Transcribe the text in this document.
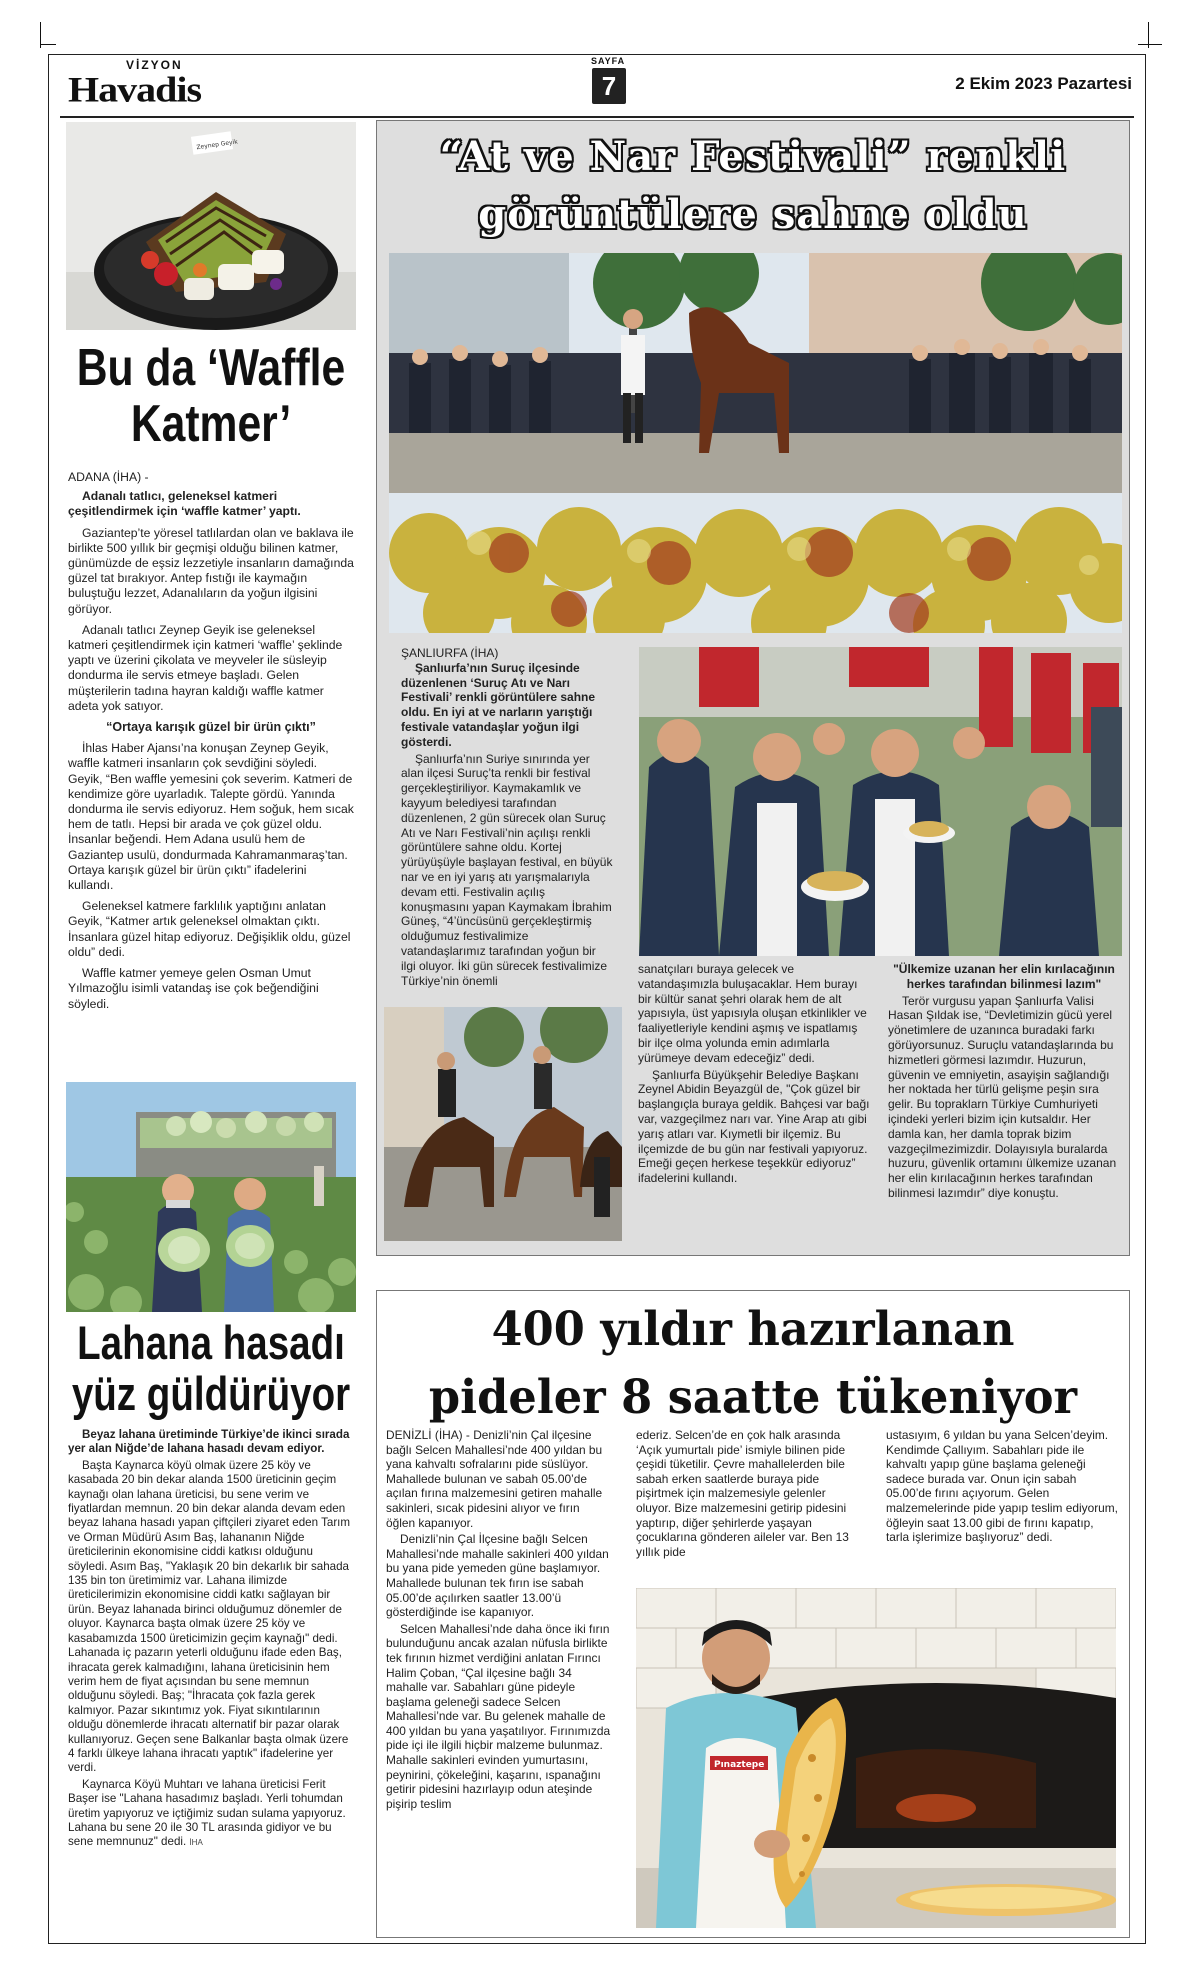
VİZYON
Havadis
SAYFA
7	2 Ekim 2023 Pazartesi
Zeynep Geyik
Bu da ‘Waffle
Katmer’

ADANA (İHA) -

Adanalı tatlıcı, geleneksel katmeri çeşitlendirmek için ‘waffle katmer’ yaptı.

Gaziantep’te yöresel tatlılardan olan ve baklava ile birlikte 500 yıllık bir geçmişi olduğu bilinen katmer, günümüzde de eşsiz lezzetiyle insanların damağında güzel tat bırakıyor. Antep fıstığı ile kaymağın buluştuğu lezzet, Adanalıların da yoğun ilgisini görüyor.

Adanalı tatlıcı Zeynep Geyik ise geleneksel katmeri çeşitlendirmek için katmeri ‘waffle’ şeklinde yaptı ve üzerini çikolata ve meyveler ile süsleyip dondurma ile servis etmeye başladı. Gelen müşterilerin tadına hayran kaldığı waffle katmer adeta yok satıyor.

“Ortaya karışık güzel bir ürün çıktı”

İhlas Haber Ajansı’na konuşan Zeynep Geyik, waffle katmeri insanların çok sevdiğini söyledi. Geyik, “Ben waffle yemesini çok severim. Katmeri de kendimize göre uyarladık. Talepte gördü. Yanında dondurma ile servis ediyoruz. Hem soğuk, hem sıcak hem de tatlı. Hepsi bir arada ve çok güzel oldu. İnsanlar beğendi. Hem Adana usulü hem de Gaziantep usulü, dondurmada Kahramanmaraş’tan. Ortaya karışık güzel bir ürün çıktı” ifadelerini kullandı.

Geleneksel katmere farklılık yaptığını anlatan Geyik, “Katmer artık geleneksel olmaktan çıktı. İnsanlara güzel hitap ediyoruz. Değişiklik oldu, güzel oldu” dedi.

Waffle katmer yemeye gelen Osman Umut Yılmazoğlu isimli vatandaş ise çok beğendiğini söyledi.

Lahana hasadı
yüz güldürüyor

Beyaz lahana üretiminde Türkiye’de ikinci sırada yer alan Niğde’de lahana hasadı devam ediyor.

Başta Kaynarca köyü olmak üzere 25 köy ve kasabada 20 bin dekar alanda 1500 üreticinin geçim kaynağı olan lahana üreticisi, bu sene verim ve fiyatlardan memnun. 20 bin dekar alanda devam eden beyaz lahana hasadı yapan çiftçileri ziyaret eden Tarım ve Orman Müdürü Asım Baş, lahananın Niğde üreticilerinin ekonomisine ciddi katkısı olduğunu söyledi. Asım Baş, "Yaklaşık 20 bin dekarlık bir sahada 135 bin ton üretimimiz var. Lahana ilimizde üreticilerimizin ekonomisine ciddi katkı sağlayan bir ürün. Beyaz lahanada birinci olduğumuz dönemler de oluyor. Kaynarca başta olmak üzere 25 köy ve kasabamızda 1500 üreticimizin geçim kaynağı" dedi. Lahanada iç pazarın yeterli olduğunu ifade eden Baş, ihracata gerek kalmadığını, lahana üreticisinin hem verim hem de fiyat açısından bu sene memnun olduğunu söyledi. Baş; "İhracata çok fazla gerek kalmıyor. Pazar sıkıntımız yok. Fiyat sıkıntılarının olduğu dönemlerde ihracatı alternatif bir pazar olarak kullanıyoruz. Geçen sene Balkanlar başta olmak üzere 4 farklı ülkeye lahana ihracatı yaptık" ifadelerine yer verdi.

Kaynarca Köyü Muhtarı ve lahana üreticisi Ferit Başer ise "Lahana hasadımız başladı. Yerli tohumdan üretim yapıyoruz ve içtiğimiz sudan sulama yapıyoruz. Lahana bu sene 20 ile 30 TL arasında gidiyor ve bu sene memnunuz" dedi. İHA

“At ve Nar Festivali” renkli
görüntülere sahne oldu

ŞANLIURFA (İHA)

Şanlıurfa’nın Suruç ilçesinde düzenlenen ‘Suruç Atı ve Narı Festivali’ renkli görüntülere sahne oldu. En iyi at ve narların yarıştığı festivale vatandaşlar yoğun ilgi gösterdi.

Şanlıurfa’nın Suriye sınırında yer alan ilçesi Suruç’ta renkli bir festival gerçekleştiriliyor. Kaymakamlık ve kayyum belediyesi tarafından düzenlenen, 2 gün sürecek olan Suruç Atı ve Narı Festivali’nin açılışı renkli görüntülere sahne oldu. Kortej yürüyüşüyle başlayan festival, en büyük nar ve en iyi yarış atı yarışmalarıyla devam etti. Festivalin açılış konuşmasını yapan Kaymakam İbrahim Güneş, “4’üncüsünü gerçekleştirmiş olduğumuz festivalimize vatandaşlarımız tarafından yoğun bir ilgi oluyor. İki gün sürecek festivalimize Türkiye’nin önemli

sanatçıları buraya gelecek ve vatandaşımızla buluşacaklar. Hem burayı bir kültür sanat şehri olarak hem de alt yapısıyla, üst yapısıyla oluşan etkinlikler ve faaliyetleriyle kendini aşmış ve ispatlamış bir ilçe olma yolunda emin adımlarla yürümeye devam edeceğiz” dedi.

Şanlıurfa Büyükşehir Belediye Başkanı Zeynel Abidin Beyazgül de, "Çok güzel bir başlangıçla buraya geldik. Bahçesi var bağı var, vazgeçilmez narı var. Yine Arap atı gibi yarış atları var. Kıymetli bir ilçemiz. Bu ilçemizde de bu gün nar festivali yapıyoruz. Emeği geçen herkese teşekkür ediyoruz” ifadelerini kullandı.

"Ülkemize uzanan her elin kırılacağının herkes tarafından bilinmesi lazım"

Terör vurgusu yapan Şanlıurfa Valisi Hasan Şıldak ise, “Devletimizin gücü yerel yönetimlere de uzanınca buradaki farkı görüyorsunuz. Suruçlu vatandaşlarında bu hizmetleri görmesi lazımdır. Huzurun, güvenin ve emniyetin, asayişin sağlandığı her noktada her türlü gelişme peşin sıra gelir. Bu topraklarn Türkiye Cumhuriyeti içindeki yerleri bizim için kutsaldır. Her damla kan, her damla toprak bizim vazgeçilmezimizdir. Dolayısıyla buralarda huzuru, güvenlik ortamını ülkemize uzanan her elin kırılacağının herkes tarafından bilinmesi lazımdır” diye konuştu.

400 yıldır hazırlanan
pideler 8 saatte tükeniyor

DENİZLİ (İHA) - Denizli’nin Çal ilçesine bağlı Selcen Mahallesi’nde 400 yıldan bu yana kahvaltı sofralarını pide süslüyor. Mahallede bulunan ve sabah 05.00’de açılan fırına malzemesini getiren mahalle sakinleri, sıcak pidesini alıyor ve fırın öğlen kapanıyor.

Denizli’nin Çal İlçesine bağlı Selcen Mahallesi’nde mahalle sakinleri 400 yıldan bu yana pide yemeden güne başlamıyor. Mahallede bulunan tek fırın ise sabah 05.00’de açılırken saatler 13.00’ü gösterdiğinde ise kapanıyor.

Selcen Mahallesi’nde daha önce iki fırın bulunduğunu ancak azalan nüfusla birlikte tek fırının hizmet verdiğini anlatan Fırıncı Halim Çoban, “Çal ilçesine bağlı 34 mahalle var. Sabahları güne pideyle başlama geleneği sadece Selcen Mahallesi’nde var. Bu gelenek mahalle de 400 yıldan bu yana yaşatılıyor. Fırınımızda pide içi ile ilgili hiçbir malzeme bulunmaz. Mahalle sakinleri evinden yumurtasını, peynirini, çökeleğini, kaşarını, ıspanağını getirir pidesini hazırlayıp odun ateşinde pişirip teslim

ederiz. Selcen’de en çok halk arasında ‘Açık yumurtalı pide’ ismiyle bilinen pide çeşidi tüketilir. Çevre mahallelerden bile sabah erken saatlerde buraya pide pişirtmek için malzemesiyle gelenler oluyor. Bize malzemesini getirip pidesini yaptırıp, diğer şehirlerde yaşayan çocuklarına gönderen aileler var. Ben 13 yıllık pide

ustasıyım, 6 yıldan bu yana Selcen’deyim. Kendimde Çallıyım. Sabahları pide ile kahvaltı yapıp güne başlama geleneği sadece burada var. Onun için sabah 05.00’de fırını açıyorum. Gelen malzemelerinde pide yapıp teslim ediyorum, öğleyin saat 13.00 gibi de fırını kapatıp, tarla işlerimize başlıyoruz” dedi.

Pınaztepe
